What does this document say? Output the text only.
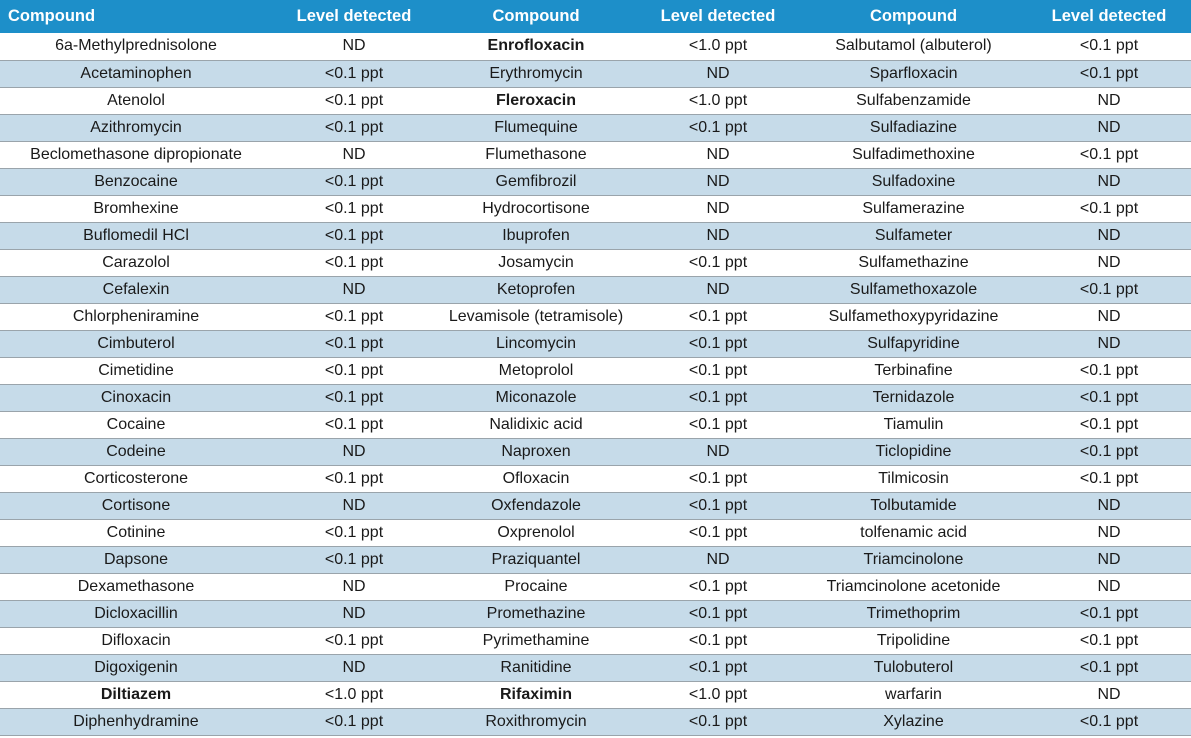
Compound	Level detected	Compound	Level detected	Compound	Level detected
6a-Methylprednisolone	ND	Enrofloxacin	<1.0 ppt	Salbutamol (albuterol)	<0.1 ppt
Acetaminophen	<0.1 ppt	Erythromycin	ND	Sparfloxacin	<0.1 ppt
Atenolol	<0.1 ppt	Fleroxacin	<1.0 ppt	Sulfabenzamide	ND
Azithromycin	<0.1 ppt	Flumequine	<0.1 ppt	Sulfadiazine	ND
Beclomethasone dipropionate	ND	Flumethasone	ND	Sulfadimethoxine	<0.1 ppt
Benzocaine	<0.1 ppt	Gemfibrozil	ND	Sulfadoxine	ND
Bromhexine	<0.1 ppt	Hydrocortisone	ND	Sulfamerazine	<0.1 ppt
Buflomedil HCl	<0.1 ppt	Ibuprofen	ND	Sulfameter	ND
Carazolol	<0.1 ppt	Josamycin	<0.1 ppt	Sulfamethazine	ND
Cefalexin	ND	Ketoprofen	ND	Sulfamethoxazole	<0.1 ppt
Chlorpheniramine	<0.1 ppt	Levamisole (tetramisole)	<0.1 ppt	Sulfamethoxypyridazine	ND
Cimbuterol	<0.1 ppt	Lincomycin	<0.1 ppt	Sulfapyridine	ND
Cimetidine	<0.1 ppt	Metoprolol	<0.1 ppt	Terbinafine	<0.1 ppt
Cinoxacin	<0.1 ppt	Miconazole	<0.1 ppt	Ternidazole	<0.1 ppt
Cocaine	<0.1 ppt	Nalidixic acid	<0.1 ppt	Tiamulin	<0.1 ppt
Codeine	ND	Naproxen	ND	Ticlopidine	<0.1 ppt
Corticosterone	<0.1 ppt	Ofloxacin	<0.1 ppt	Tilmicosin	<0.1 ppt
Cortisone	ND	Oxfendazole	<0.1 ppt	Tolbutamide	ND
Cotinine	<0.1 ppt	Oxprenolol	<0.1 ppt	tolfenamic acid	ND
Dapsone	<0.1 ppt	Praziquantel	ND	Triamcinolone	ND
Dexamethasone	ND	Procaine	<0.1 ppt	Triamcinolone acetonide	ND
Dicloxacillin	ND	Promethazine	<0.1 ppt	Trimethoprim	<0.1 ppt
Difloxacin	<0.1 ppt	Pyrimethamine	<0.1 ppt	Tripolidine	<0.1 ppt
Digoxigenin	ND	Ranitidine	<0.1 ppt	Tulobuterol	<0.1 ppt
Diltiazem	<1.0 ppt	Rifaximin	<1.0 ppt	warfarin	ND
Diphenhydramine	<0.1 ppt	Roxithromycin	<0.1 ppt	Xylazine	<0.1 ppt
